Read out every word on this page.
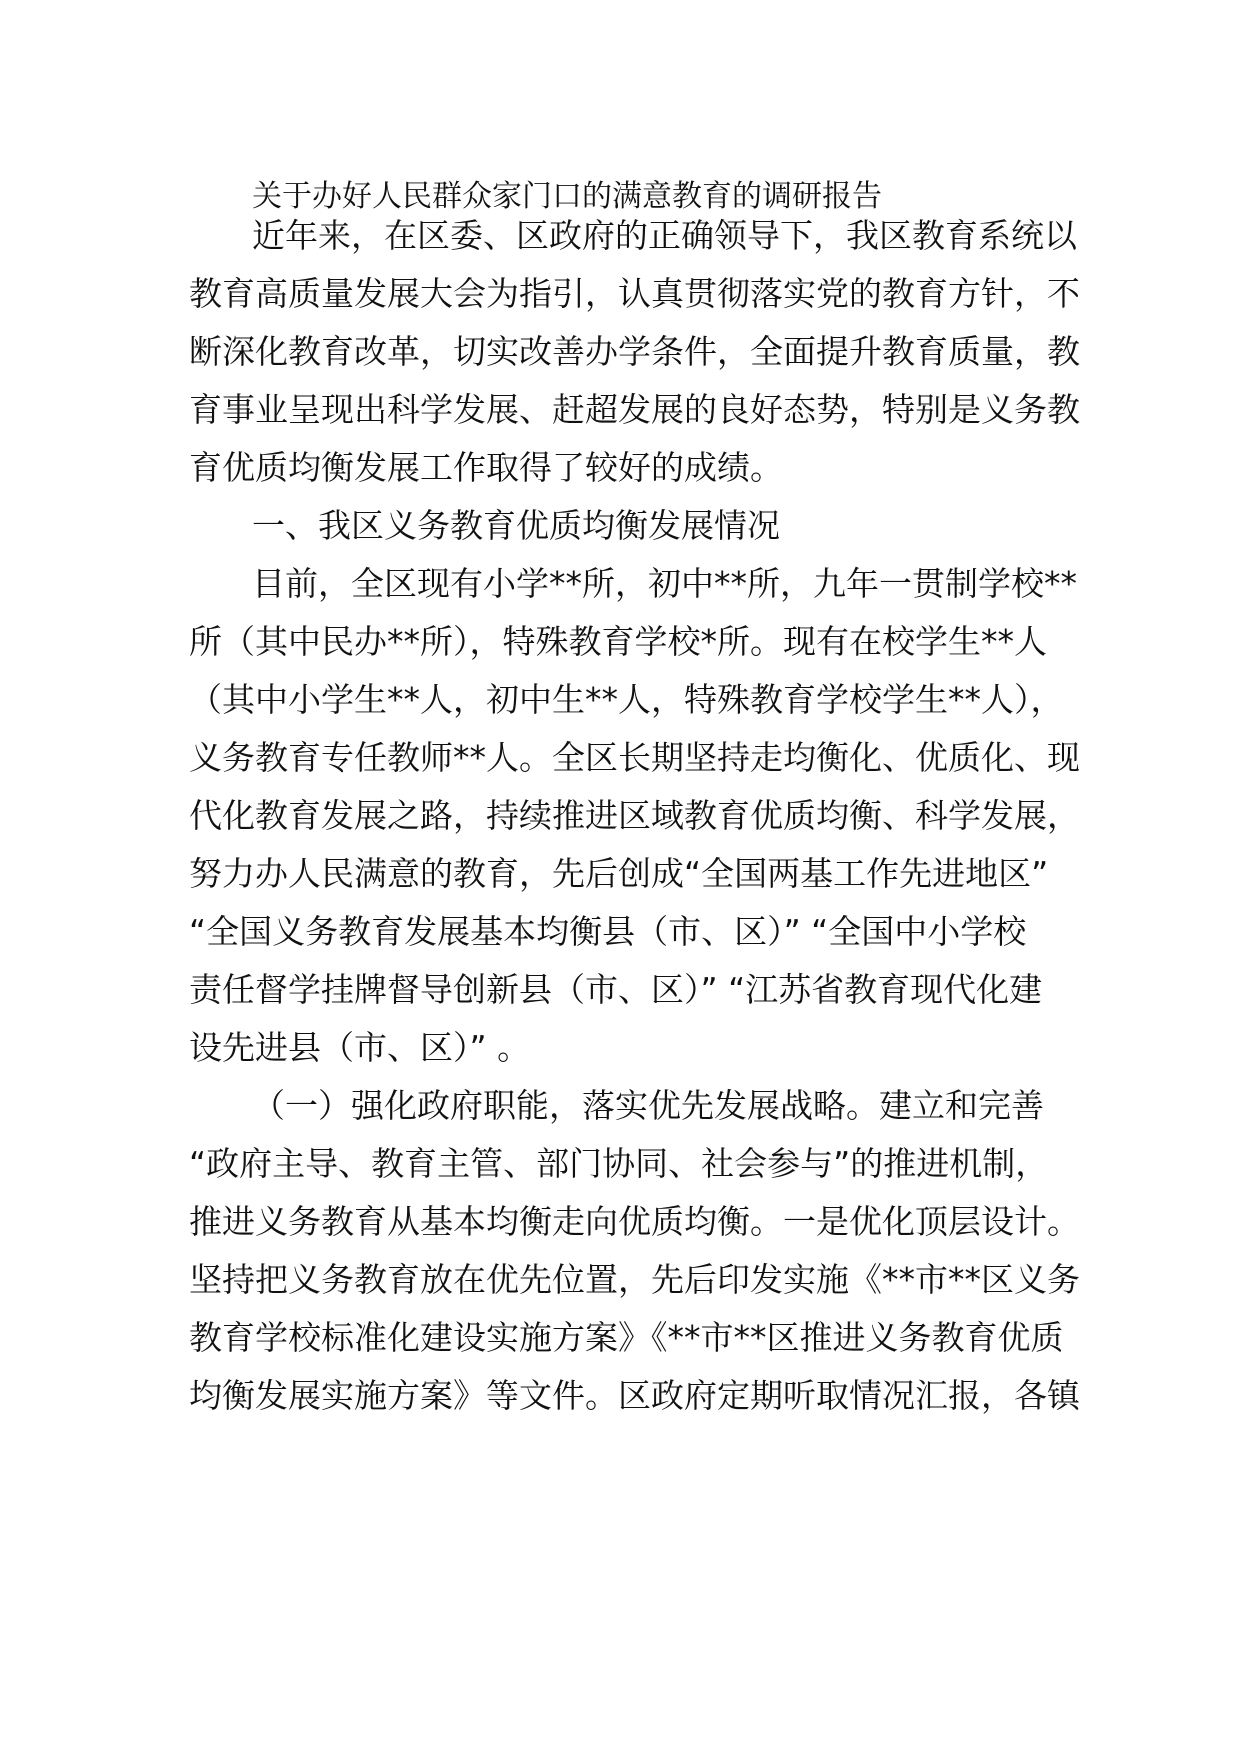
关于办好人民群众家门口的满意教育的调研报告
近年来，在区委、区政府的正确领导下，我区教育系统以
教育高质量发展大会为指引，认真贯彻落实党的教育方针，不
断深化教育改革，切实改善办学条件，全面提升教育质量，教
育事业呈现出科学发展、赶超发展的良好态势，特别是义务教
育优质均衡发展工作取得了较好的成绩。
一、我区义务教育优质均衡发展情况
目前，全区现有小学**所，初中**所，九年一贯制学校**
所（其中民办**所），特殊教育学校*所。现有在校学生**人
（其中小学生**人，初中生**人，特殊教育学校学生**人），
义务教育专任教师**人。全区长期坚持走均衡化、优质化、现
代化教育发展之路，持续推进区域教育优质均衡、科学发展，
努力办人民满意的教育，先后创成“全国两基工作先进地区”
“全国义务教育发展基本均衡县（市、区）” “全国中小学校
责任督学挂牌督导创新县（市、区）” “江苏省教育现代化建
设先进县（市、区）” 。
（一）强化政府职能，落实优先发展战略。建立和完善
“政府主导、教育主管、部门协同、社会参与”的推进机制，
推进义务教育从基本均衡走向优质均衡。一是优化顶层设计。
坚持把义务教育放在优先位置，先后印发实施《**市**区义务
教育学校标准化建设实施方案》《**市**区推进义务教育优质
均衡发展实施方案》等文件。区政府定期听取情况汇报，各镇
